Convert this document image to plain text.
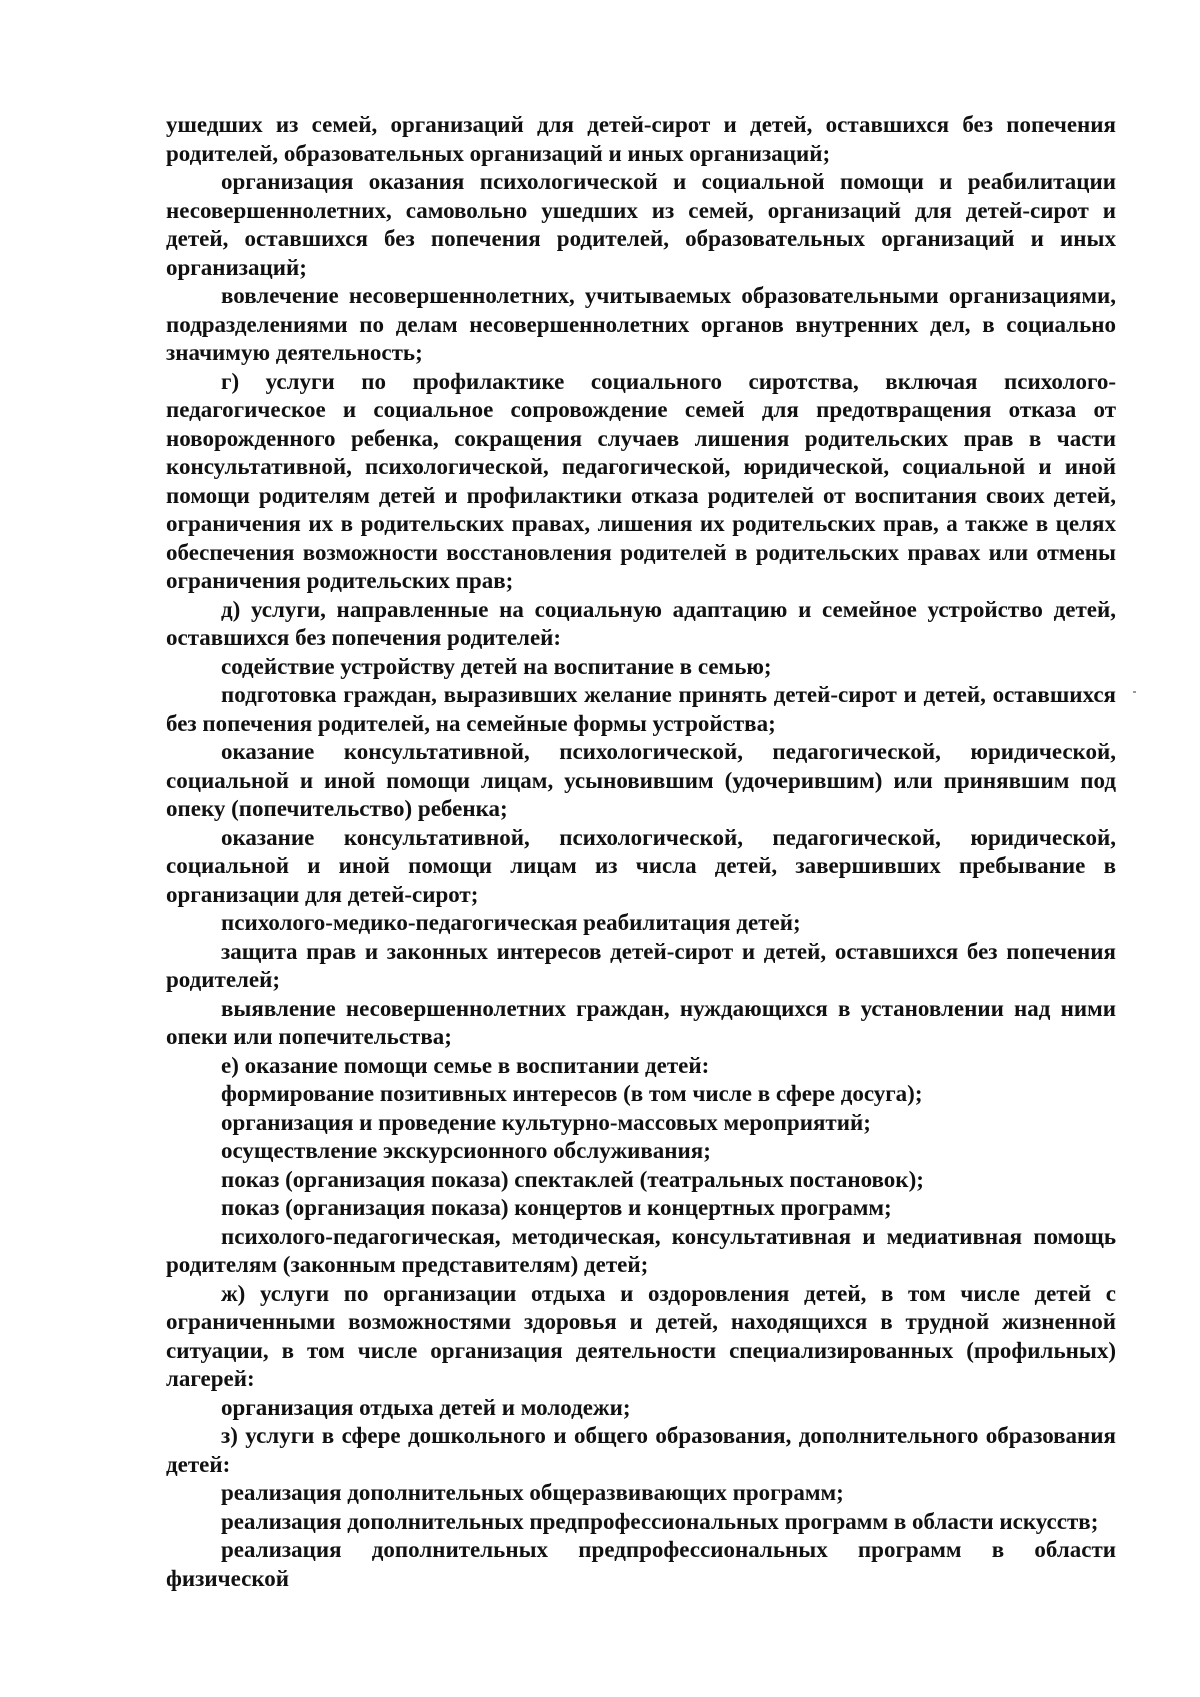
ушедших из семей, организаций для детей-сирот и детей, оставшихся без попечения родителей, образовательных организаций и иных организаций;

организация оказания психологической и социальной помощи и реабилитации несовершеннолетних, самовольно ушедших из семей, организаций для детей-сирот и детей, оставшихся без попечения родителей, образовательных организаций и иных организаций;

вовлечение несовершеннолетних, учитываемых образовательными организациями, подразделениями по делам несовершеннолетних органов внутренних дел, в социально значимую деятельность;

г) услуги по профилактике социального сиротства, включая психолого-педагогическое и социальное сопровождение семей для предотвращения отказа от новорожденного ребенка, сокращения случаев лишения родительских прав в части консультативной, психологической, педагогической, юридической, социальной и иной помощи родителям детей и профилактики отказа родителей от воспитания своих детей, ограничения их в родительских правах, лишения их родительских прав, а также в целях обеспечения возможности восстановления родителей в родительских правах или отмены ограничения родительских прав;

д) услуги, направленные на социальную адаптацию и семейное устройство детей, оставшихся без попечения родителей:

содействие устройству детей на воспитание в семью;

подготовка граждан, выразивших желание принять детей-сирот и детей, оставшихся без попечения родителей, на семейные формы устройства;

оказание консультативной, психологической, педагогической, юридической, социальной и иной помощи лицам, усыновившим (удочерившим) или принявшим под опеку (попечительство) ребенка;

оказание консультативной, психологической, педагогической, юридической, социальной и иной помощи лицам из числа детей, завершивших пребывание в организации для детей-сирот;

психолого-медико-педагогическая реабилитация детей;

защита прав и законных интересов детей-сирот и детей, оставшихся без попечения родителей;

выявление несовершеннолетних граждан, нуждающихся в установлении над ними опеки или попечительства;

е) оказание помощи семье в воспитании детей:

формирование позитивных интересов (в том числе в сфере досуга);

организация и проведение культурно-массовых мероприятий;

осуществление экскурсионного обслуживания;

показ (организация показа) спектаклей (театральных постановок);

показ (организация показа) концертов и концертных программ;

психолого-педагогическая, методическая, консультативная и медиативная помощь родителям (законным представителям) детей;

ж) услуги по организации отдыха и оздоровления детей, в том числе детей с ограниченными возможностями здоровья и детей, находящихся в трудной жизненной ситуации, в том числе организация деятельности специализированных (профильных) лагерей:

организация отдыха детей и молодежи;

з) услуги в сфере дошкольного и общего образования, дополнительного образования детей:

реализация дополнительных общеразвивающих программ;

реализация дополнительных предпрофессиональных программ в области искусств;

реализация дополнительных предпрофессиональных программ в области физической
